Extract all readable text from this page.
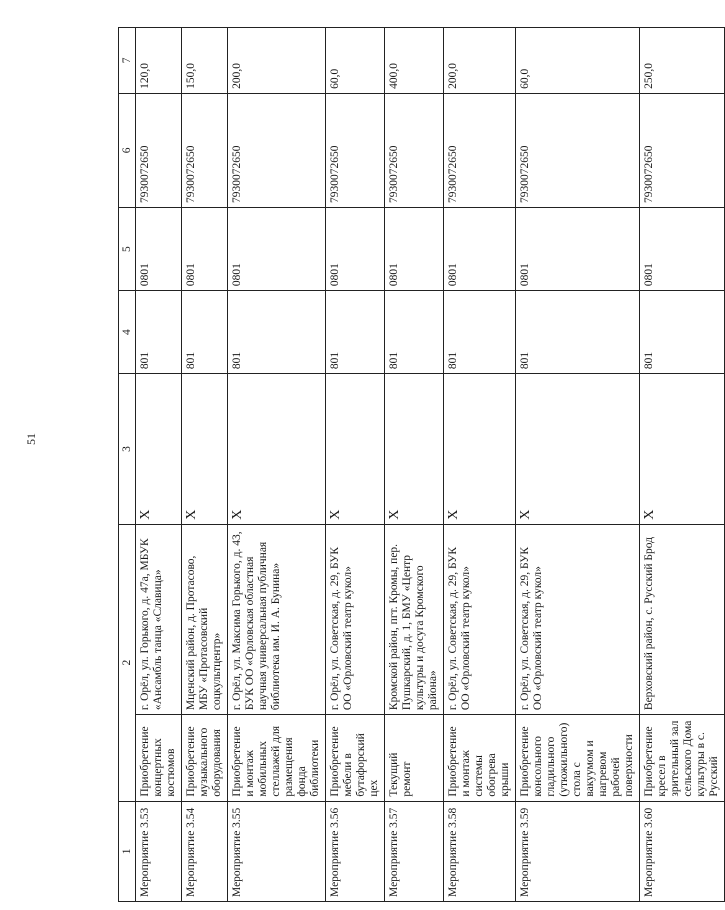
51
1	2		3	4	5	6	7
Мероприятие 3.53	Приобретение концертных костюмов	г. Орёл, ул. Горького, д. 47а, МБУК «Ансамбль танца «Славица»	X	801	0801	7930072650	120,0
Мероприятие 3.54	Приобретение музыкального оборудования	Мценский район, д. Протасово, МБУ «Протасовский соцкультцентр»	X	801	0801	7930072650	150,0
Мероприятие 3.55	Приобретение и монтаж мобильных стеллажей для размещения фонда библиотеки	г. Орёл, ул. Максима Горького, д. 43, БУК ОО «Орловская областная научная универсальная публичная библиотека им. И. А. Бунина»	X	801	0801	7930072650	200,0
Мероприятие 3.56	Приобретение мебели в бутафорский цех	г. Орёл, ул. Советская, д. 29, БУК ОО «Орловский театр кукол»	X	801	0801	7930072650	60,0
Мероприятие 3.57	Текущий ремонт	Кромской район, пгт. Кромы, пер. Пушкарский, д. 1, БМУ «Центр культуры и досуга Кромского района»	X	801	0801	7930072650	400,0
Мероприятие 3.58	Приобретение и монтаж системы обогрева крыши	г. Орёл, ул. Советская, д. 29, БУК ОО «Орловский театр кукол»	X	801	0801	7930072650	200,0
Мероприятие 3.59	Приобретение консольного гладильного (утюжильного) стола с вакуумом и нагревом рабочей поверхности	г. Орёл, ул. Советская, д. 29, БУК ОО «Орловский театр кукол»	X	801	0801	7930072650	60,0
Мероприятие 3.60	Приобретение кресел в зрительный зал сельского Дома культуры в с. Русский	Верховский район, с. Русский Брод	X	801	0801	7930072650	250,0
